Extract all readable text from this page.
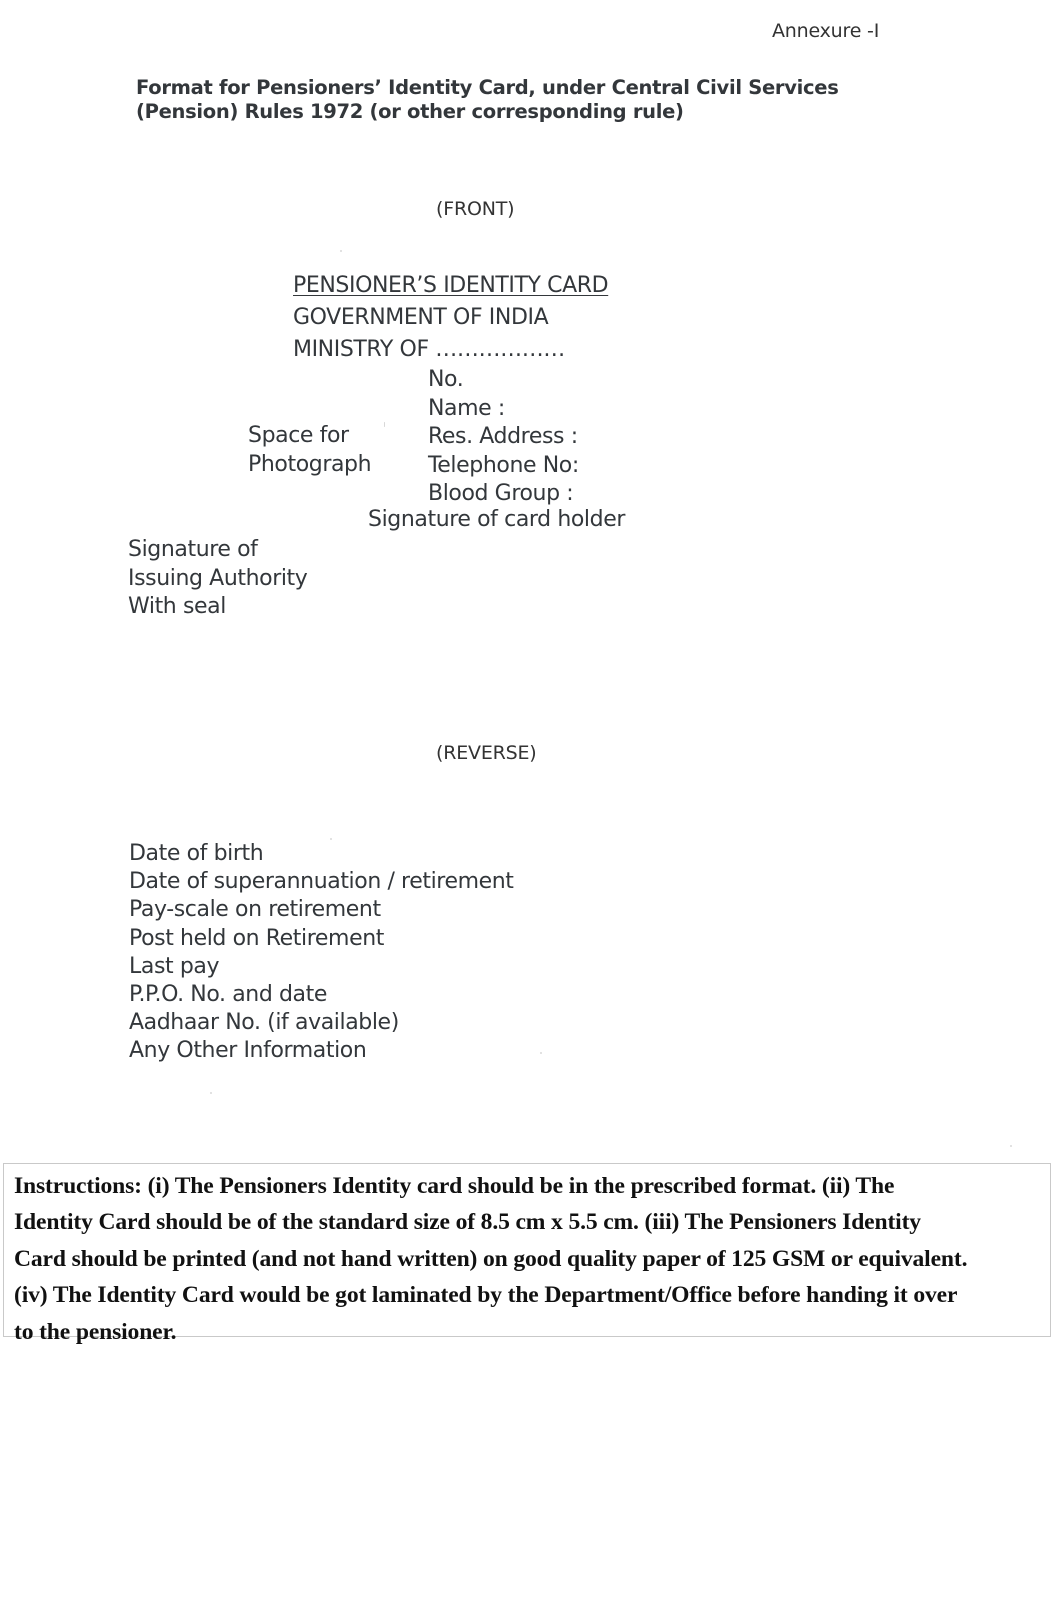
Annexure -I
Format for Pensioners’ Identity Card, under Central Civil Services
(Pension) Rules 1972 (or other corresponding rule)
(FRONT)
PENSIONER’S IDENTITY CARD
GOVERNMENT OF INDIA
MINISTRY OF ………………
No.
Name :
Res. Address :
Telephone No:
Blood Group :
Space for
Photograph
Signature of card holder
Signature of
Issuing Authority
With seal
(REVERSE)
Date of birth
Date of superannuation / retirement
Pay-scale on retirement
Post held on Retirement
Last pay
P.P.O. No. and date
Aadhaar No. (if available)
Any Other Information
Instructions: (i) The Pensioners Identity card should be in the prescribed format. (ii) The
Identity Card should be of the standard size of 8.5 cm x 5.5 cm. (iii) The Pensioners Identity
Card should be printed (and not hand written) on good quality paper of 125 GSM or equivalent.
(iv) The Identity Card would be got laminated by the Department/Office before handing it over
to the pensioner.
